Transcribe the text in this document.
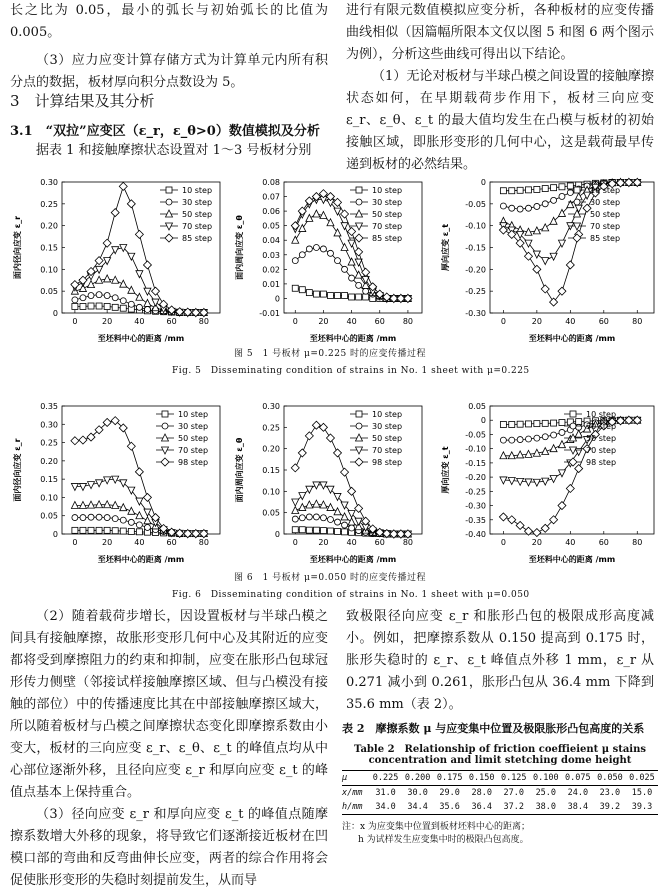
长之比为 0.05，最小的弧长与初始弧长的比值为 0.005。

（3）应力应变计算存储方式为计算单元内所有积分点的数据，板材厚向积分点数设为 5。

3　计算结果及其分析
3.1　“双拉”应变区（ε_r，ε_θ>0）数值模拟及分析
据表 1 和接触摩擦状态设置对 1～3 号板材分别

进行有限元数值模拟应变分析，各种板材的应变传播曲线相似（因篇幅所限本文仅以图 5 和图 6 两个图示为例），分析这些曲线可得出以下结论。

（1）无论对板材与半球凸模之间设置的接触摩擦状态如何，在早期载荷步作用下，板材三向应变 ε_r、ε_θ、ε_t 的最大值均发生在凸模与板材的初始接触区域，即胀形变形的几何中心，这是载荷最早传递到板材的必然结果。

0
0.05
0.10
0.15
0.20
0.25
0.30
0	20	40	60	80
至坯料中心的距离 /mm
面内径向应变 ε_r
10 step
30 step
50 step
70 step
85 step
-0.01
0
0.01
0.02
0.03
0.04
0.05
0.06
0.07
0.08
0	20 40 60 80
至坯料中心的距离 /mm
面内周向应变 ε_θ
10 step
30 step
50 step
70 step
85 step
0
-0.05
-0.10
-0.15
-0.20
-0.25
-0.30
0	20	40	60	80
至坯料中心的距离 /mm
厚向应变 ε_t
10 step
30 step
50 step
70 step
85 step
图 5　1 号板材 μ=0.225 时的应变传播过程
Fig. 5　Disseminating condition of strains in No. 1 sheet with μ=0.225
0
0.05
0.10
0.15
0.20
0.25
0.30
0.35
0	20	40	60	80
至坯料中心的距离 /mm
面内径向应变 ε_r
10 step
30 step
50 step
70 step
98 step
0
0.05
0.10
0.15
0.20
0.25
0.30
0	20 40 60 80
至坯料中心的距离 /mm
面内周向应变 ε_θ
10 step
30 step
50 step
70 step
98 step
0.05
0
-0.05
-0.10
-0.15
-0.20
-0.25
-0.30
-0.35
-0.40
0	20	40	60	80
至坯料中心的距离 /mm
厚向应变 ε_t
10 step
30 step
50 step
70 step
98 step
图 6　1 号板材 μ=0.050 时的应变传播过程
Fig. 6　Disseminating condition of strains in No. 1 sheet with μ=0.050

（2）随着载荷步增长，因设置板材与半球凸模之间具有接触摩擦，故胀形变形几何中心及其附近的应变都将受到摩擦阻力的约束和抑制，应变在胀形凸包球冠形传力侧壁（邻接试样接触摩擦区域、但与凸模没有接触的部位）中的传播速度比其在中部接触摩擦区域大，所以随着板材与凸模之间摩擦状态变化即摩擦系数由小变大，板材的三向应变 ε_r、ε_θ、ε_t 的峰值点均从中心部位逐渐外移，且径向应变 ε_r 和厚向应变 ε_t 的峰值点基本上保持重合。

（3）径向应变 ε_r 和厚向应变 ε_t 的峰值点随摩擦系数增大外移的现象，将导致它们逐渐接近板材在凹模口部的弯曲和反弯曲伸长应变，两者的综合作用将会促使胀形变形的失稳时刻提前发生，从而导

致极限径向应变 ε_r 和胀形凸包的极限成形高度减小。例如，把摩擦系数从 0.150 提高到 0.175 时，胀形失稳时的 ε_r、ε_t 峰值点外移 1 mm，ε_r 从 0.271 减小到 0.261，胀形凸包从 36.4 mm 下降到 35.6 mm（表 2）。
表 2　摩擦系数 μ 与应变集中位置及极限胀形凸包高度的关系
Table 2　Relationship of friction coeffieient μ stains
concentration and limit stetching dome height
μ	0.225	0.200	0.175	0.150	0.125	0.100	0.075	0.050	0.025
x/mm	31.0	30.0	29.0	28.0	27.0	25.0	24.0	23.0	15.0
h/mm	34.0	34.4	35.6	36.4	37.2	38.0	38.4	39.2	39.3
注：x 为应变集中位置到板材坯料中心的距离；
h 为试样发生应变集中时的极限凸包高度。
